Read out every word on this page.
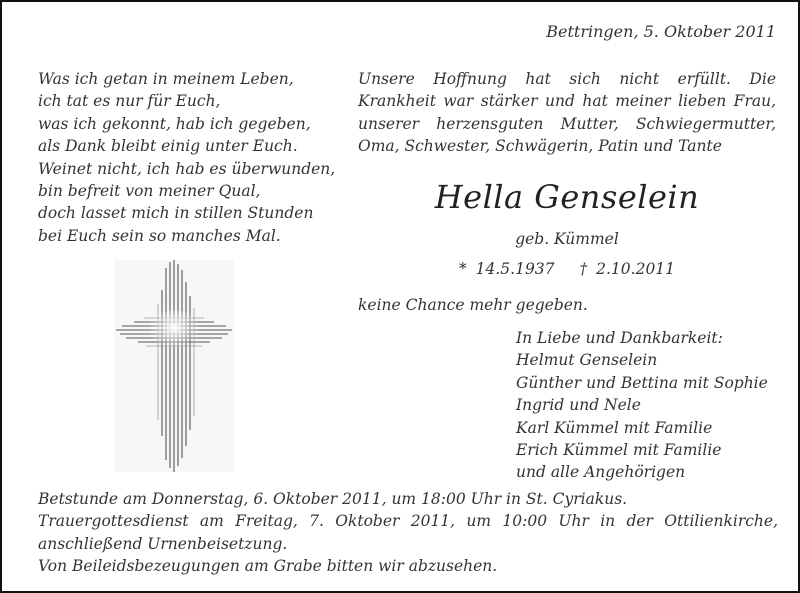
Bettringen, 5. Oktober 2011
Was ich getan in meinem Leben,
ich tat es nur für Euch,
was ich gekonnt, hab ich gegeben,
als Dank bleibt einig unter Euch.
Weinet nicht, ich hab es überwunden,
bin befreit von meiner Qual,
doch lasset mich in stillen Stunden
bei Euch sein so manches Mal.
Unsere Hoffnung hat sich nicht erfüllt. Die Krankheit war stärker und hat meiner lieben Frau, unserer herzensguten Mutter, Schwiegermutter, Oma, Schwester, Schwägerin, Patin und Tante
Hella Genselein
geb. Kümmel
* 14.5.1937 † 2.10.2011
keine Chance mehr gegeben.
In Liebe und Dankbarkeit:
Helmut Genselein
Günther und Bettina mit Sophie
Ingrid und Nele
Karl Kümmel mit Familie
Erich Kümmel mit Familie
und alle Angehörigen
Betstunde am Donnerstag, 6. Oktober 2011, um 18:00 Uhr in St. Cyriakus.
Trauergottesdienst am Freitag, 7. Oktober 2011, um 10:00 Uhr in der Ottilienkirche,
anschließend Urnenbeisetzung.
Von Beileidsbezeugungen am Grabe bitten wir abzusehen.
